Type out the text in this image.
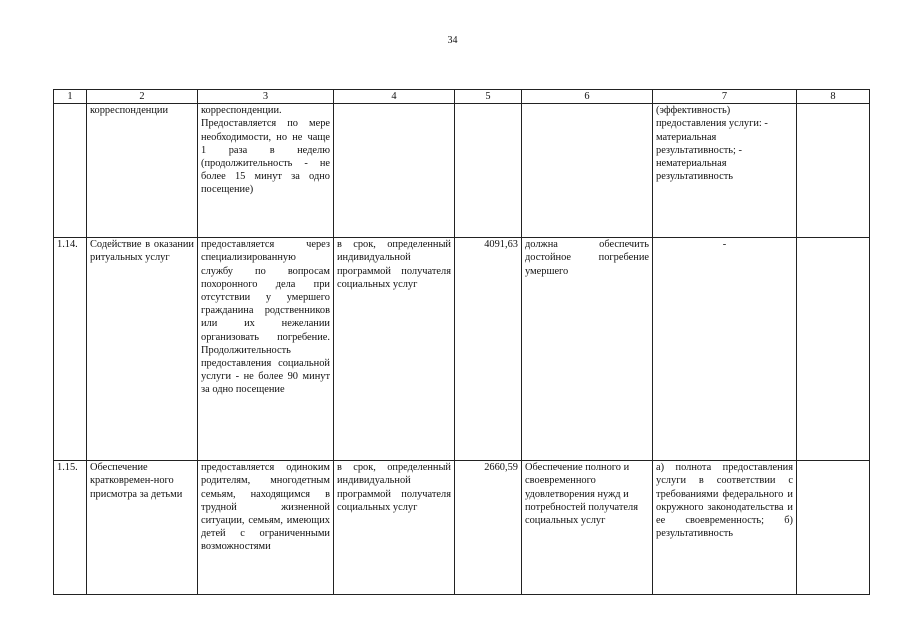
34
1	2	3	4	5	6	7	8
	корреспонденции	корреспонденции. Предоставляется по мере необходимости, но не чаще 1 раза в неделю (продолжительность - не более 15 минут за одно посещение)				(эффективность) предоставления услуги: - материальная результативность; - нематериальная результативность	
1.14.	Содействие в оказании ритуальных услуг	предоставляется через специализированную службу по вопросам похоронного дела при отсутствии у умершего гражданина родственников или их нежелании организовать погребение. Продолжительность предоставления социальной услуги - не более 90 минут за одно посещение	в срок, определенный индивидуальной программой получателя социальных услуг	4091,63	должна обеспечить достойное погребение умершего	-	
1.15.	Обеспечение кратковремен-ного присмотра за детьми	предоставляется одиноким родителям, многодетным семьям, находящимся в трудной жизненной ситуации, семьям, имеющих детей с ограниченными возможностями	в срок, определенный индивидуальной программой получателя социальных услуг	2660,59	Обеспечение полного и своевременного удовлетворения нужд и потребностей получателя социальных услуг	а) полнота предоставления услуги в соответствии с требованиями федерального и окружного законодательства и ее своевременность; б) результативность	
